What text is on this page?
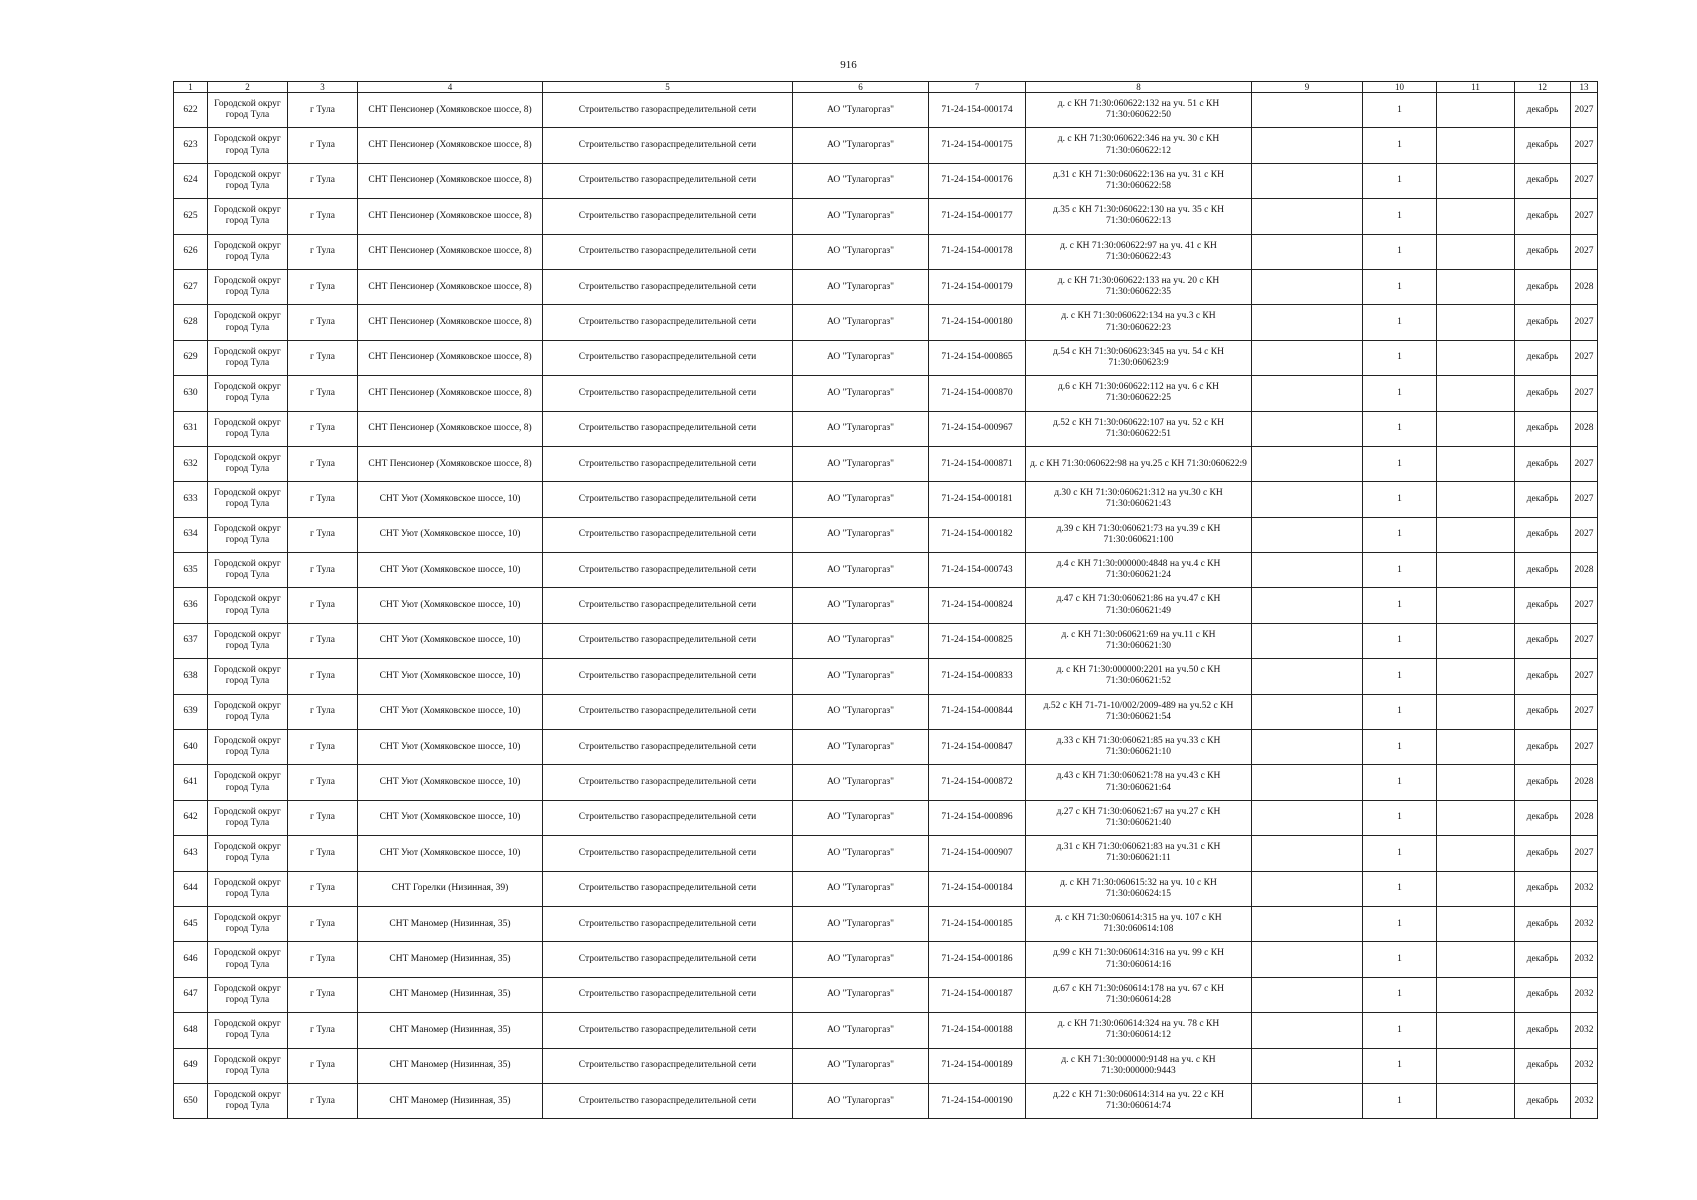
916
1	2	3	4	5	6	7	8	9	10	11	12	13
622	Городской округ город Тула	г Тула	СНТ Пенсионер (Хомяковское шоссе, 8)	Строительство газораспределительной сети	АО "Тулагоргаз"	71-24-154-000174	д. с КН 71:30:060622:132 на уч. 51 с КН 71:30:060622:50		1		декабрь	2027
623	Городской округ город Тула	г Тула	СНТ Пенсионер (Хомяковское шоссе, 8)	Строительство газораспределительной сети	АО "Тулагоргаз"	71-24-154-000175	д. с КН 71:30:060622:346 на уч. 30 с КН 71:30:060622:12		1		декабрь	2027
624	Городской округ город Тула	г Тула	СНТ Пенсионер (Хомяковское шоссе, 8)	Строительство газораспределительной сети	АО "Тулагоргаз"	71-24-154-000176	д.31 с КН 71:30:060622:136 на уч. 31 с КН 71:30:060622:58		1		декабрь	2027
625	Городской округ город Тула	г Тула	СНТ Пенсионер (Хомяковское шоссе, 8)	Строительство газораспределительной сети	АО "Тулагоргаз"	71-24-154-000177	д.35 с КН 71:30:060622:130 на уч. 35 с КН 71:30:060622:13		1		декабрь	2027
626	Городской округ город Тула	г Тула	СНТ Пенсионер (Хомяковское шоссе, 8)	Строительство газораспределительной сети	АО "Тулагоргаз"	71-24-154-000178	д. с КН 71:30:060622:97 на уч. 41 с КН 71:30:060622:43		1		декабрь	2027
627	Городской округ город Тула	г Тула	СНТ Пенсионер (Хомяковское шоссе, 8)	Строительство газораспределительной сети	АО "Тулагоргаз"	71-24-154-000179	д. с КН 71:30:060622:133 на уч. 20 с КН 71:30:060622:35		1		декабрь	2028
628	Городской округ город Тула	г Тула	СНТ Пенсионер (Хомяковское шоссе, 8)	Строительство газораспределительной сети	АО "Тулагоргаз"	71-24-154-000180	д. с КН 71:30:060622:134 на уч.3 с КН 71:30:060622:23		1		декабрь	2027
629	Городской округ город Тула	г Тула	СНТ Пенсионер (Хомяковское шоссе, 8)	Строительство газораспределительной сети	АО "Тулагоргаз"	71-24-154-000865	д.54 с КН 71:30:060623:345 на уч. 54 с КН 71:30:060623:9		1		декабрь	2027
630	Городской округ город Тула	г Тула	СНТ Пенсионер (Хомяковское шоссе, 8)	Строительство газораспределительной сети	АО "Тулагоргаз"	71-24-154-000870	д.6 с КН 71:30:060622:112 на уч. 6 с КН 71:30:060622:25		1		декабрь	2027
631	Городской округ город Тула	г Тула	СНТ Пенсионер (Хомяковское шоссе, 8)	Строительство газораспределительной сети	АО "Тулагоргаз"	71-24-154-000967	д.52 с КН 71:30:060622:107 на уч. 52 с КН 71:30:060622:51		1		декабрь	2028
632	Городской округ город Тула	г Тула	СНТ Пенсионер (Хомяковское шоссе, 8)	Строительство газораспределительной сети	АО "Тулагоргаз"	71-24-154-000871	д. с КН 71:30:060622:98 на уч.25 с КН 71:30:060622:9		1		декабрь	2027
633	Городской округ город Тула	г Тула	СНТ Уют (Хомяковское шоссе, 10)	Строительство газораспределительной сети	АО "Тулагоргаз"	71-24-154-000181	д.30 с КН 71:30:060621:312 на уч.30 с КН 71:30:060621:43		1		декабрь	2027
634	Городской округ город Тула	г Тула	СНТ Уют (Хомяковское шоссе, 10)	Строительство газораспределительной сети	АО "Тулагоргаз"	71-24-154-000182	д.39 с КН 71:30:060621:73 на уч.39 с КН 71:30:060621:100		1		декабрь	2027
635	Городской округ город Тула	г Тула	СНТ Уют (Хомяковское шоссе, 10)	Строительство газораспределительной сети	АО "Тулагоргаз"	71-24-154-000743	д.4 с КН 71:30:000000:4848 на уч.4 с КН 71:30:060621:24		1		декабрь	2028
636	Городской округ город Тула	г Тула	СНТ Уют (Хомяковское шоссе, 10)	Строительство газораспределительной сети	АО "Тулагоргаз"	71-24-154-000824	д.47 с КН 71:30:060621:86 на уч.47 с КН 71:30:060621:49		1		декабрь	2027
637	Городской округ город Тула	г Тула	СНТ Уют (Хомяковское шоссе, 10)	Строительство газораспределительной сети	АО "Тулагоргаз"	71-24-154-000825	д. с КН 71:30:060621:69 на уч.11 с КН 71:30:060621:30		1		декабрь	2027
638	Городской округ город Тула	г Тула	СНТ Уют (Хомяковское шоссе, 10)	Строительство газораспределительной сети	АО "Тулагоргаз"	71-24-154-000833	д. с КН 71:30:000000:2201 на уч.50 с КН 71:30:060621:52		1		декабрь	2027
639	Городской округ город Тула	г Тула	СНТ Уют (Хомяковское шоссе, 10)	Строительство газораспределительной сети	АО "Тулагоргаз"	71-24-154-000844	д.52 с КН 71-71-10/002/2009-489 на уч.52 с КН 71:30:060621:54		1		декабрь	2027
640	Городской округ город Тула	г Тула	СНТ Уют (Хомяковское шоссе, 10)	Строительство газораспределительной сети	АО "Тулагоргаз"	71-24-154-000847	д.33 с КН 71:30:060621:85 на уч.33 с КН 71:30:060621:10		1		декабрь	2027
641	Городской округ город Тула	г Тула	СНТ Уют (Хомяковское шоссе, 10)	Строительство газораспределительной сети	АО "Тулагоргаз"	71-24-154-000872	д.43 с КН 71:30:060621:78 на уч.43 с КН 71:30:060621:64		1		декабрь	2028
642	Городской округ город Тула	г Тула	СНТ Уют (Хомяковское шоссе, 10)	Строительство газораспределительной сети	АО "Тулагоргаз"	71-24-154-000896	д.27 с КН 71:30:060621:67 на уч.27 с КН 71:30:060621:40		1		декабрь	2028
643	Городской округ город Тула	г Тула	СНТ Уют (Хомяковское шоссе, 10)	Строительство газораспределительной сети	АО "Тулагоргаз"	71-24-154-000907	д.31 с КН 71:30:060621:83 на уч.31 с КН 71:30:060621:11		1		декабрь	2027
644	Городской округ город Тула	г Тула	СНТ Горелки (Низинная, 39)	Строительство газораспределительной сети	АО "Тулагоргаз"	71-24-154-000184	д. с КН 71:30:060615:32 на уч. 10 с КН 71:30:060624:15		1		декабрь	2032
645	Городской округ город Тула	г Тула	СНТ Маномер (Низинная, 35)	Строительство газораспределительной сети	АО "Тулагоргаз"	71-24-154-000185	д. с КН 71:30:060614:315 на уч. 107 с КН 71:30:060614:108		1		декабрь	2032
646	Городской округ город Тула	г Тула	СНТ Маномер (Низинная, 35)	Строительство газораспределительной сети	АО "Тулагоргаз"	71-24-154-000186	д.99 с КН 71:30:060614:316 на уч. 99 с КН 71:30:060614:16		1		декабрь	2032
647	Городской округ город Тула	г Тула	СНТ Маномер (Низинная, 35)	Строительство газораспределительной сети	АО "Тулагоргаз"	71-24-154-000187	д.67 с КН 71:30:060614:178 на уч. 67 с КН 71:30:060614:28		1		декабрь	2032
648	Городской округ город Тула	г Тула	СНТ Маномер (Низинная, 35)	Строительство газораспределительной сети	АО "Тулагоргаз"	71-24-154-000188	д. с КН 71:30:060614:324 на уч. 78 с КН 71:30:060614:12		1		декабрь	2032
649	Городской округ город Тула	г Тула	СНТ Маномер (Низинная, 35)	Строительство газораспределительной сети	АО "Тулагоргаз"	71-24-154-000189	д. с КН 71:30:000000:9148 на уч. с КН 71:30:000000:9443		1		декабрь	2032
650	Городской округ город Тула	г Тула	СНТ Маномер (Низинная, 35)	Строительство газораспределительной сети	АО "Тулагоргаз"	71-24-154-000190	д.22 с КН 71:30:060614:314 на уч. 22 с КН 71:30:060614:74		1		декабрь	2032
